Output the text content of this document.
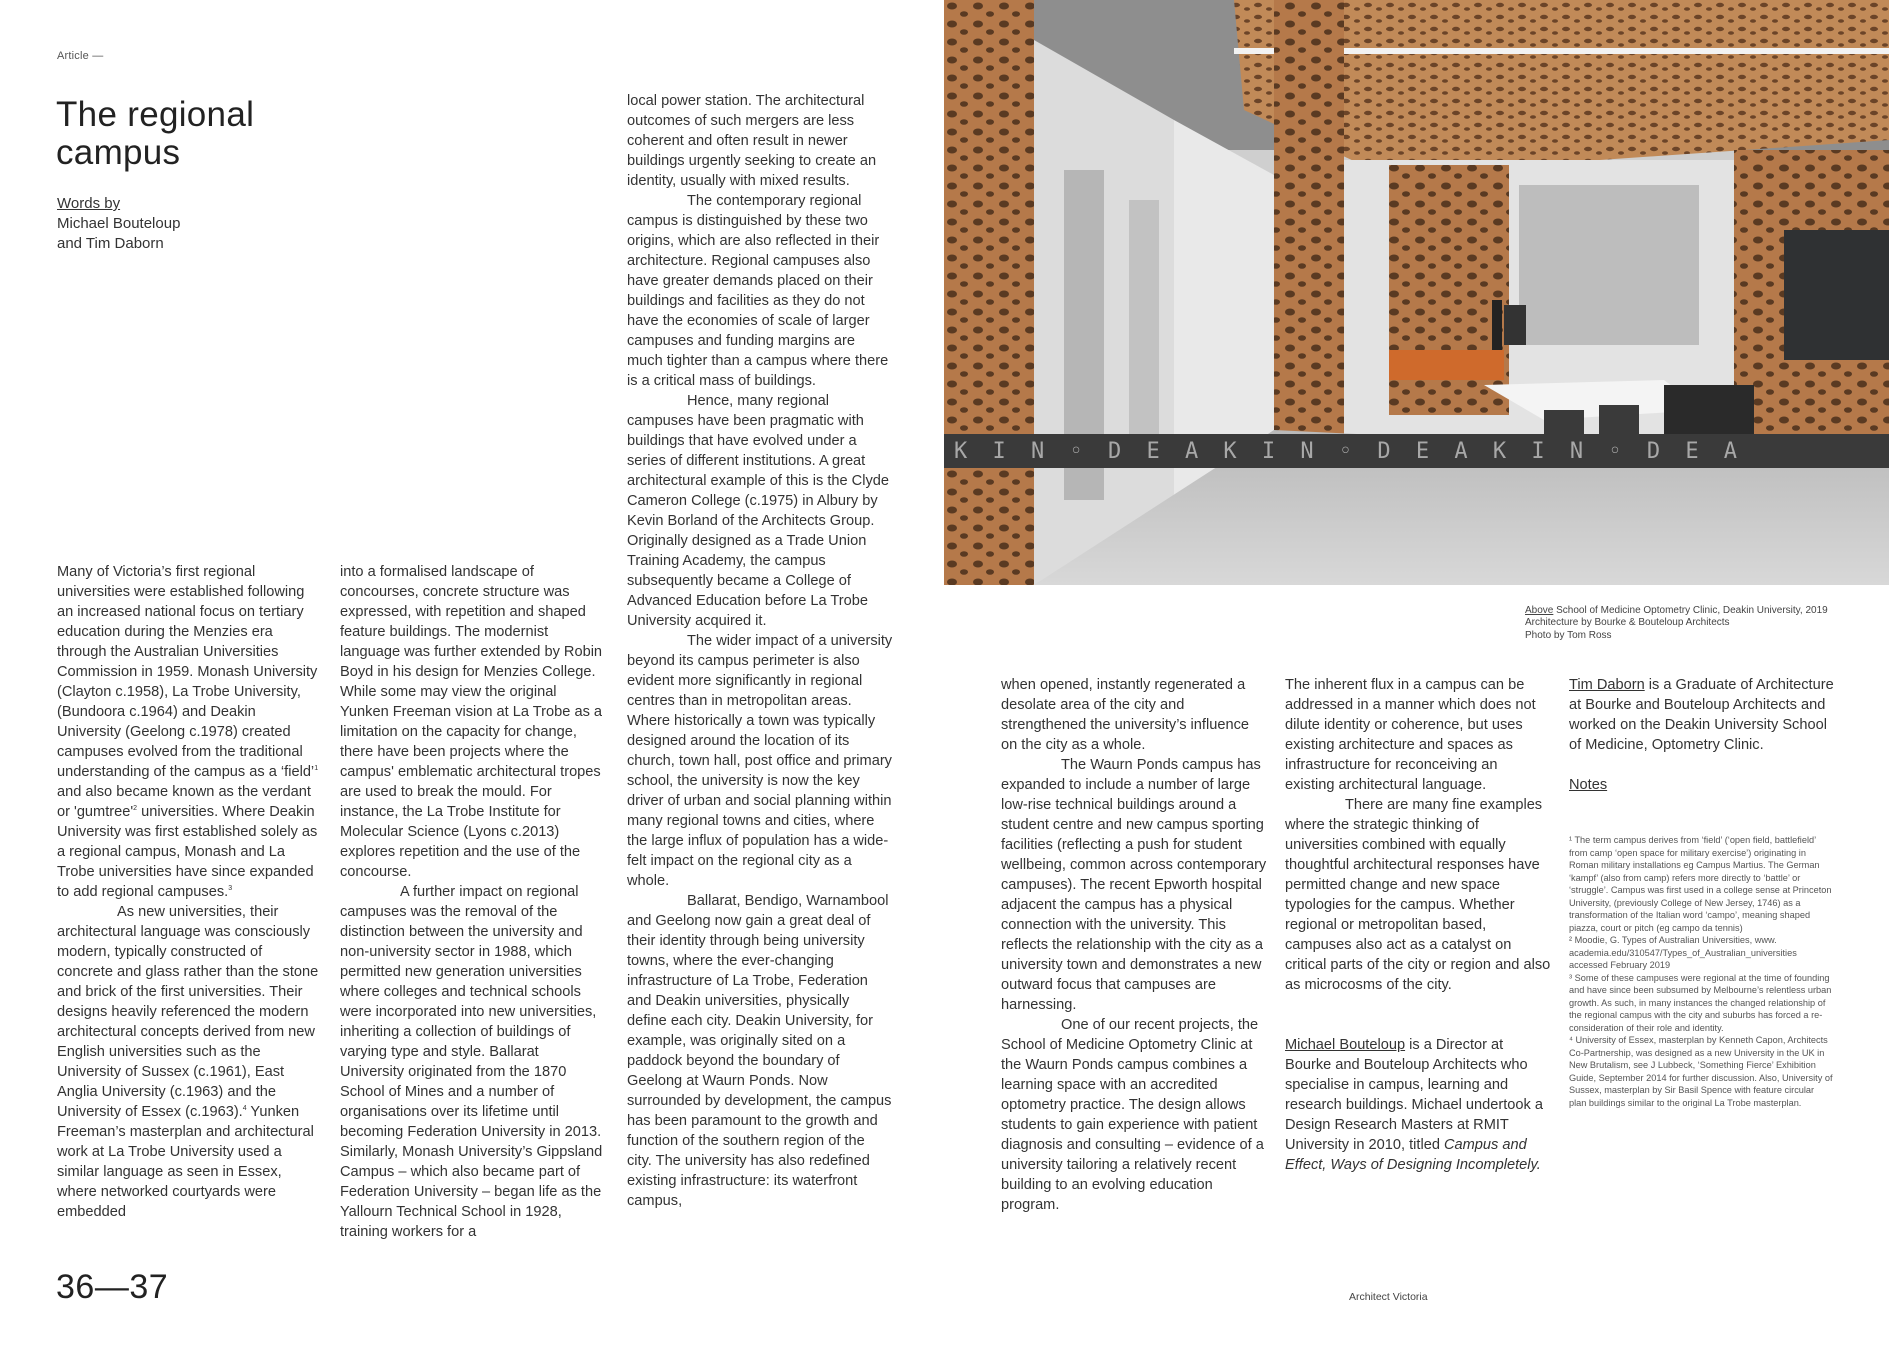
Article —
The regional
campus
Words by
Michael Bouteloup
and Tim Daborn

Many of Victoria’s first regional universities were established following an increased national focus on tertiary education during the Menzies era through the Australian Universities Commission in 1959. Monash University (Clayton c.1958), La Trobe University, (Bundoora c.1964) and Deakin University (Geelong c.1978) created campuses evolved from the traditional understanding of the campus as a ‘field’$^1$ and also became known as the verdant or '$gumtree'^2$ universities. Where Deakin University was first established solely as a regional campus, Monash and La Trobe universities have since expanded to add regional campuses.$^3$

As new universities, their architectural language was consciously modern, typically constructed of concrete and glass rather than the stone and brick of the first universities. Their designs heavily referenced the modern architectural concepts derived from new English universities such as the University of Sussex (c.1961), East Anglia University (c.1963) and the University of Essex (c.1963).$^4$ Yunken Freeman’s masterplan and architectural work at La Trobe University used a similar language as seen in Essex, where networked courtyards were embedded

into a formalised landscape of concourses, concrete structure was expressed, with repetition and shaped feature buildings. The modernist language was further extended by Robin Boyd in his design for Menzies College. While some may view the original Yunken Freeman vision at La Trobe as a limitation on the capacity for change, there have been projects where the campus' emblematic architectural tropes are used to break the mould. For instance, the La Trobe Institute for Molecular Science (Lyons c.2013) explores repetition and the use of the concourse.

A further impact on regional campuses was the removal of the distinction between the university and non-university sector in 1988, which permitted new generation universities where colleges and technical schools were incorporated into new universities, inheriting a collection of buildings of varying type and style. Ballarat University originated from the 1870 School of Mines and a number of organisations over its lifetime until becoming Federation University in 2013. Similarly, Monash University’s Gippsland Campus – which also became part of Federation University – began life as the Yallourn Technical School in 1928, training workers for a

local power station. The architectural outcomes of such mergers are less coherent and often result in newer buildings urgently seeking to create an identity, usually with mixed results.

The contemporary regional campus is distinguished by these two origins, which are also reflected in their architecture. Regional campuses also have greater demands placed on their buildings and facilities as they do not have the economies of scale of larger campuses and funding margins are much tighter than a campus where there is a critical mass of buildings.

Hence, many regional campuses have been pragmatic with buildings that have evolved under a series of different institutions. A great architectural example of this is the Clyde Cameron College (c.1975) in Albury by Kevin Borland of the Architects Group. Originally designed as a Trade Union Training Academy, the campus subsequently became a College of Advanced Education before La Trobe University acquired it.

The wider impact of a university beyond its campus perimeter is also evident more significantly in regional centres than in metropolitan areas. Where historically a town was typically designed around the location of its church, town hall, post office and primary school, the university is now the key driver of urban and social planning within many regional towns and cities, where the large influx of population has a wide-felt impact on the regional city as a whole.

Ballarat, Bendigo, Warnambool and Geelong now gain a great deal of their identity through being university towns, where the ever-changing infrastructure of La Trobe, Federation and Deakin universities, physically define each city. Deakin University, for example, was originally sited on a paddock beyond the boundary of Geelong at Waurn Ponds. Now surrounded by development, the campus has been paramount to the growth and function of the southern region of the city. The university has also redefined existing infrastructure: its waterfront campus,

K I N ◦ D E A K I N ◦ D E A K I N ◦ D E A
Above School of Medicine Optometry Clinic, Deakin University, 2019
Architecture by Bourke & Bouteloup Architects
Photo by Tom Ross

when opened, instantly regenerated a desolate area of the city and strengthened the university’s influence on the city as a whole.

The Waurn Ponds campus has expanded to include a number of large low-rise technical buildings around a student centre and new campus sporting facilities (reflecting a push for student wellbeing, common across contemporary campuses). The recent Epworth hospital adjacent the campus has a physical connection with the university. This reflects the relationship with the city as a university town and demonstrates a new outward focus that campuses are harnessing.

One of our recent projects, the School of Medicine Optometry Clinic at the Waurn Ponds campus combines a learning space with an accredited optometry practice. The design allows students to gain experience with patient diagnosis and consulting – evidence of a university tailoring a relatively recent building to an evolving education program.

The inherent flux in a campus can be addressed in a manner which does not dilute identity or coherence, but uses existing architecture and spaces as infrastructure for reconceiving an existing architectural language.

There are many fine examples where the strategic thinking of universities combined with equally thoughtful architectural responses have permitted change and new space typologies for the campus. Whether regional or metropolitan based, campuses also act as a catalyst on critical parts of the city or region and also as microcosms of the city.

Michael Bouteloup is a Director at Bourke and Bouteloup Architects who specialise in campus, learning and research buildings. Michael undertook a Design Research Masters at RMIT University in 2010, titled Campus and Effect, Ways of Designing Incompletely.

Tim Daborn is a Graduate of Architecture at Bourke and Bouteloup Architects and worked on the Deakin University School of Medicine, Optometry Clinic.

Notes

¹ The term campus derives from ‘field’ (‘open field, battlefield’ from camp ‘open space for military exercise’) originating in Roman military installations eg Campus Martius. The German ‘kampf’ (also from camp) refers more directly to ‘battle’ or ‘struggle’. Campus was first used in a college sense at Princeton University, (previously College of New Jersey, 1746) as a transformation of the Italian word ‘campo’, meaning shaped piazza, court or pitch (eg campo da tennis)

² Moodie, G. Types of Australian Universities, www. academia.edu/310547/Types_of_Australian_universities accessed February 2019

³ Some of these campuses were regional at the time of founding and have since been subsumed by Melbourne’s relentless urban growth. As such, in many instances the changed relationship of the regional campus with the city and suburbs has forced a re-consideration of their role and identity.

⁴ University of Essex, masterplan by Kenneth Capon, Architects Co-Partnership, was designed as a new University in the UK in New Brutalism, see J Lubbeck, ‘Something Fierce’ Exhibition Guide, September 2014 for further discussion. Also, University of Sussex, masterplan by Sir Basil Spence with feature circular plan buildings similar to the original La Trobe masterplan.

36—37	Architect Victoria
